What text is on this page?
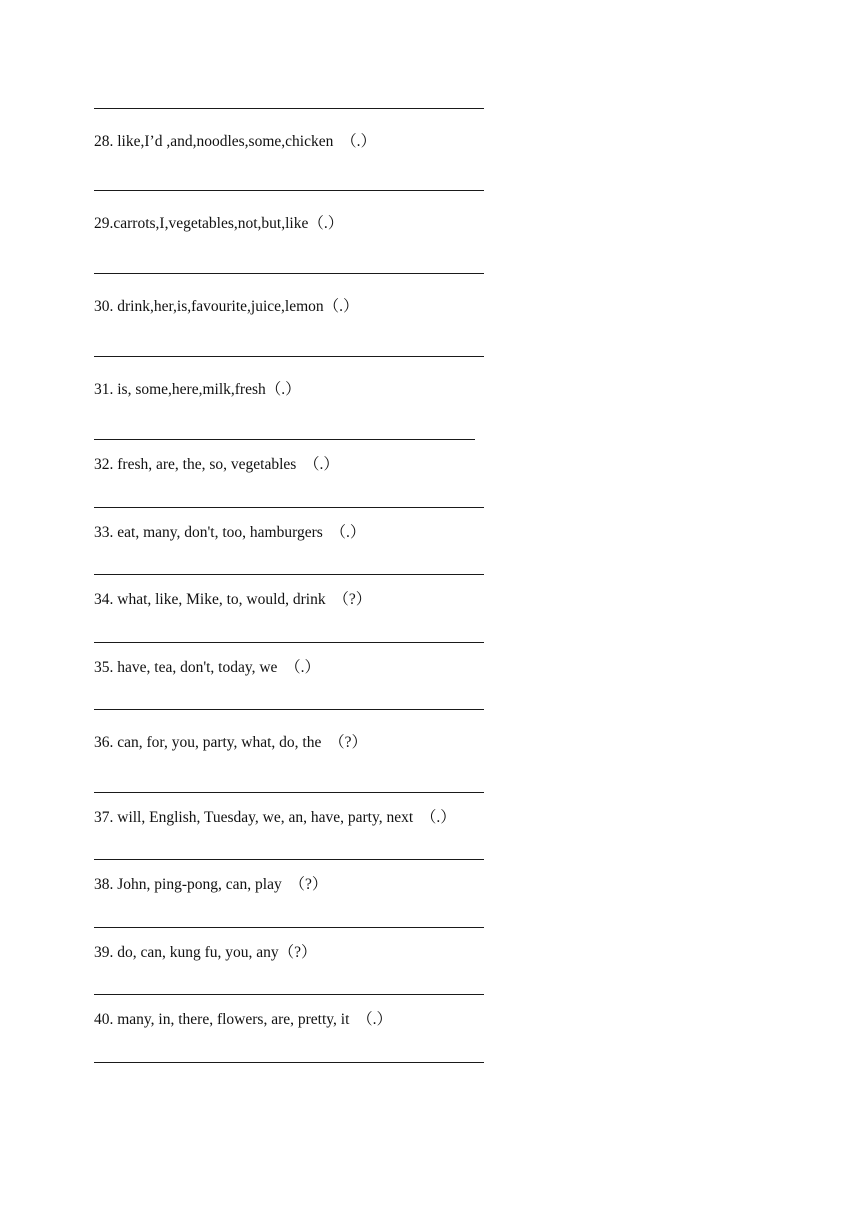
28. like,I’d ,and,noodles,some,chicken  （.）
29.carrots,I,vegetables,not,but,like（.）
30. drink,her,is,favourite,juice,lemon（.）
31. is, some,here,milk,fresh（.）
32. fresh, are, the, so, vegetables  （.）
33. eat, many, don't, too, hamburgers  （.）
34. what, like, Mike, to, would, drink  （?）
35. have, tea, don't, today, we  （.）
36. can, for, you, party, what, do, the  （?）
37. will, English, Tuesday, we, an, have, party, next  （.）
38. John, ping-pong, can, play  （?）
39. do, can, kung fu, you, any（?）
40. many, in, there, flowers, are, pretty, it  （.）
